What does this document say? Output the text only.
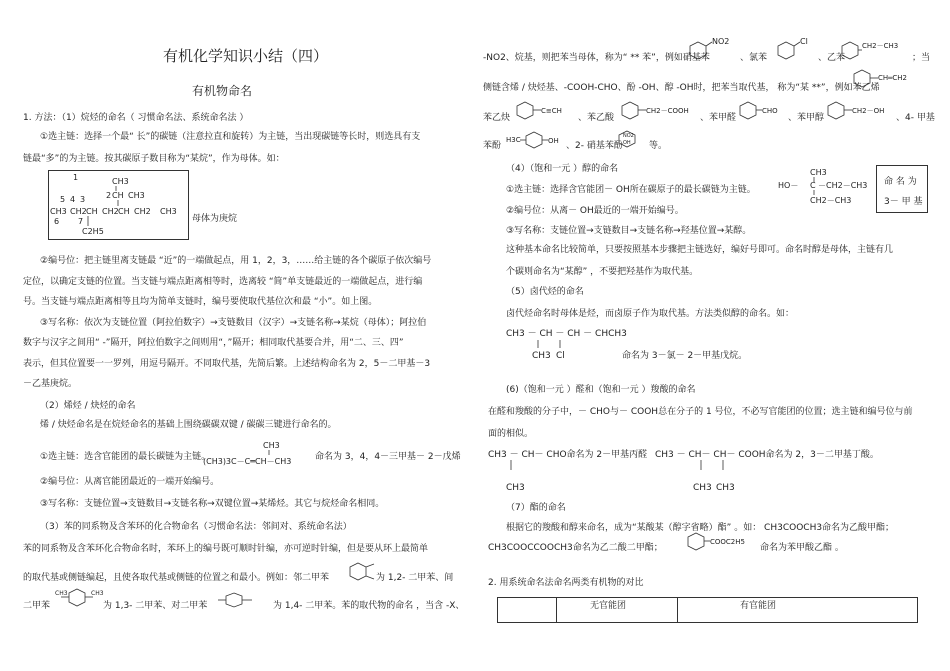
有机化学知识小结（四）
有机物命名
1. 方法：（1）烷烃的命名（ 习惯命名法、系统命名法 ）
①选主链：选择一个最“ 长”的碳链（注意拉直和旋转）为主链，当出现碳链等长时，则选具有支
链最“多”的为主链。按其碳原子数目称为“某烷”，作为母体。如：
1	CH3
2 CH CH3
5 4 3
CH3 CH2 CH CH2 CH CH2 CH3
6 7
C2H5
母体为庚烷
②编号位：把主链里离支链最 “近”的一端做起点，用 1，2，3，……给主链的各个碳原子依次编号
定位，以确定支链的位置。当支链与端点距离相等时，选离较 “简”单支链最近的一端做起点，进行编
号。当支链与端点距离相等且均为简单支链时，编号要使取代基位次和最 “小”。如上图。
③写名称：依次为支链位置（阿拉伯数字）→支链数目（汉字）→支链名称→某烷（母体）；阿拉伯
数字与汉字之间用“ -”隔开，阿拉伯数字之间则用“，”隔开；相同取代基要合并，用“二、三、四”
表示，但其位置要一一罗列，用逗号隔开。不同取代基，先简后繁。上述结构命名为 2，5－二甲基－3
－乙基庚烷。
（2）烯烃 / 炔烃的命名
烯 / 炔烃命名是在烷烃命名的基础上围绕碳碳双键 / 碳碳三键进行命名的。
①选主链：选含官能团的最长碳链为主链。
CH3
(CH3)3C－C═CH－CH3	命名为 3，4，4－三甲基－ 2－戊烯
②编号位：从离官能团最近的一端开始编号。
③写名称：支链位置→支链数目→支链名称→双键位置→某烯烃。其它与烷烃命名相同。
（3）苯的同系物及含苯环的化合物命名（习惯命名法：邻间对、系统命名法）
苯的同系物及含苯环化合物命名时，苯环上的编号既可顺时针编，亦可逆时针编，但是要从环上最简单
的取代基或侧链编起，且使各取代基或侧链的位置之和最小。例如：邻二甲苯	为 1,2- 二甲苯、间
二甲苯
CH3	CH3
为 1,3- 二甲苯、对二甲苯	为 1,4- 二甲苯。苯的取代物的命名 ，当含 -X、
-NO2、烷基，则把苯当母体，称为“ ** 苯”，例如硝基苯
NO2
、氯苯
Cl
、乙苯
CH2－CH3
；当
侧链含烯 / 炔烃基、-COOH-CHO、酚 -OH、醇 -OH时，把苯当取代基， 称为“某 **”，例如苯乙烯
CH═CH2
苯乙炔
C≡CH
、苯乙酸
CH2－COOH
、苯甲醛
CHO
、苯甲醇
CH2－OH
、4- 甲基
苯酚
H3C	OH 、2- 硝基苯酚
NO2
OH 等。
（4）（饱和一元 ）醇的命名
①选主链：选择含官能团－ OH所在碳原子的最长碳链为主链。
CH3
HO－ C －CH2－CH3
CH2－CH3
命 名 为
3－ 甲 基
②编号位：从离－ OH最近的一端开始编号。
③写名称：支链位置→支链数目→支链名称→羟基位置→某醇。
这种基本命名比较简单，只要按照基本步骤把主链选好，编好号即可。命名时醇是母体，主链有几
个碳则命名为“某醇” ，不要把羟基作为取代基。
（5）卤代烃的命名
卤代烃命名时母体是烃，而卤原子作为取代基。方法类似醇的命名。如：
CH3 － CH － CH － CHCH3
CH3 Cl	命名为 3－氯－ 2－甲基戊烷。
(6)（饱和一元 ）醛和（饱和一元 ）羧酸的命名
在醛和羧酸的分子中，－ CHO与－ COOH总在分子的 1 号位，不必写官能团的位置；选主链和编号位与前
面的相似。
CH3 － CH－ CHO命名为 2－甲基丙醛 CH3 － CH－ CH－ COOH命名为 2，3－二甲基丁酸。
CH3	CH3 CH3
（7）酯的命名
根据它的羧酸和醇来命名，成为“某酸某（醇字省略）酯” 。如： CH3COOCH3命名为乙酸甲酯；
CH3COOCCOOCH3命名为乙二酸二甲酯；
COOC2H5
命名为苯甲酸乙酯 。
2. 用系统命名法命名两类有机物的对比
无官能团	有官能团
